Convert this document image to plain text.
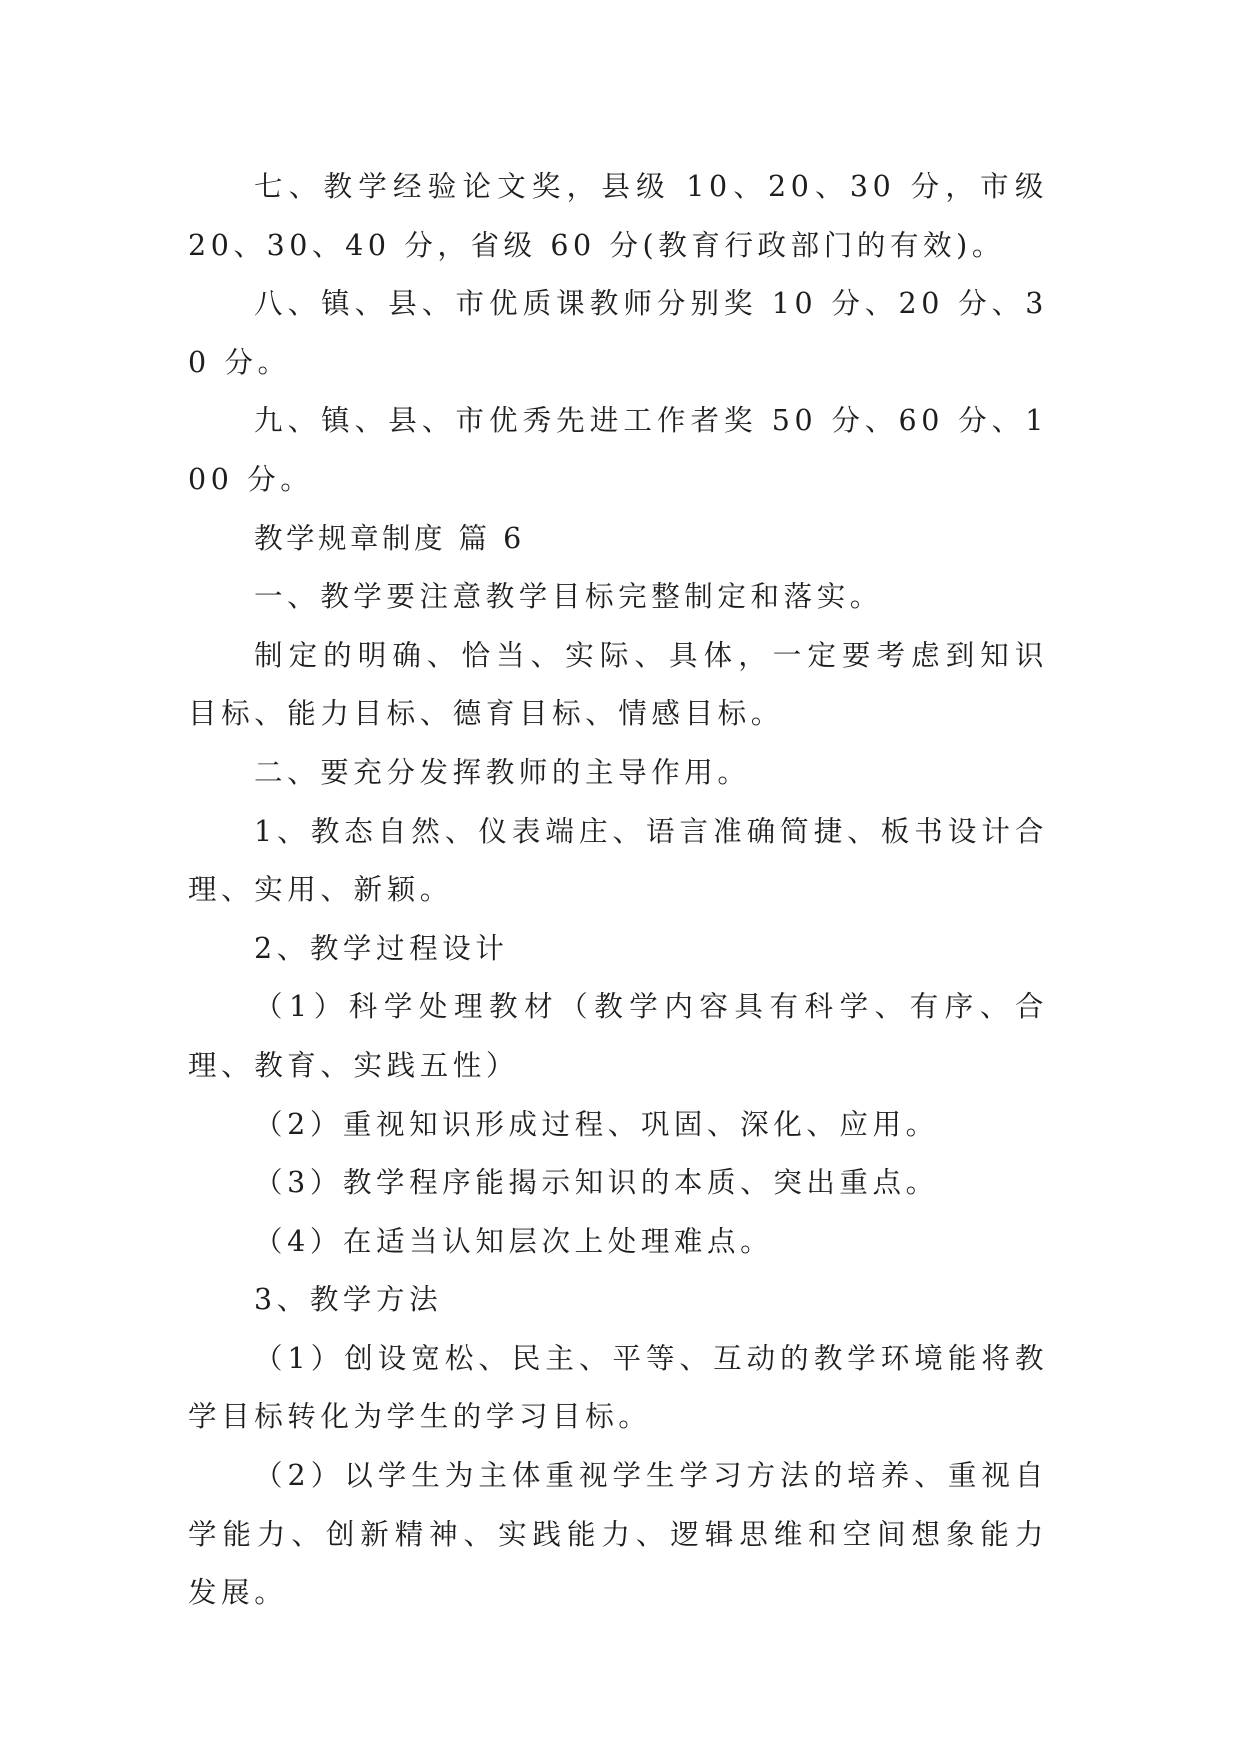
七、教学经验论文奖，县级 10、20、30 分，市级 20、30、40 分，省级 60 分(教育行政部门的有效)。

八、镇、县、市优质课教师分别奖 10 分、20 分、30 分。

九、镇、县、市优秀先进工作者奖 50 分、60 分、100 分。

教学规章制度 篇 6

一、教学要注意教学目标完整制定和落实。

制定的明确、恰当、实际、具体，一定要考虑到知识目标、能力目标、德育目标、情感目标。

二、要充分发挥教师的主导作用。

1、教态自然、仪表端庄、语言准确简捷、板书设计合理、实用、新颖。

2、教学过程设计

（1）科学处理教材（教学内容具有科学、有序、合理、教育、实践五性）

（2）重视知识形成过程、巩固、深化、应用。

（3）教学程序能揭示知识的本质、突出重点。

（4）在适当认知层次上处理难点。

3、教学方法

（1）创设宽松、民主、平等、互动的教学环境能将教学目标转化为学生的学习目标。

（2）以学生为主体重视学生学习方法的培养、重视自学能力、创新精神、实践能力、逻辑思维和空间想象能力发展。
